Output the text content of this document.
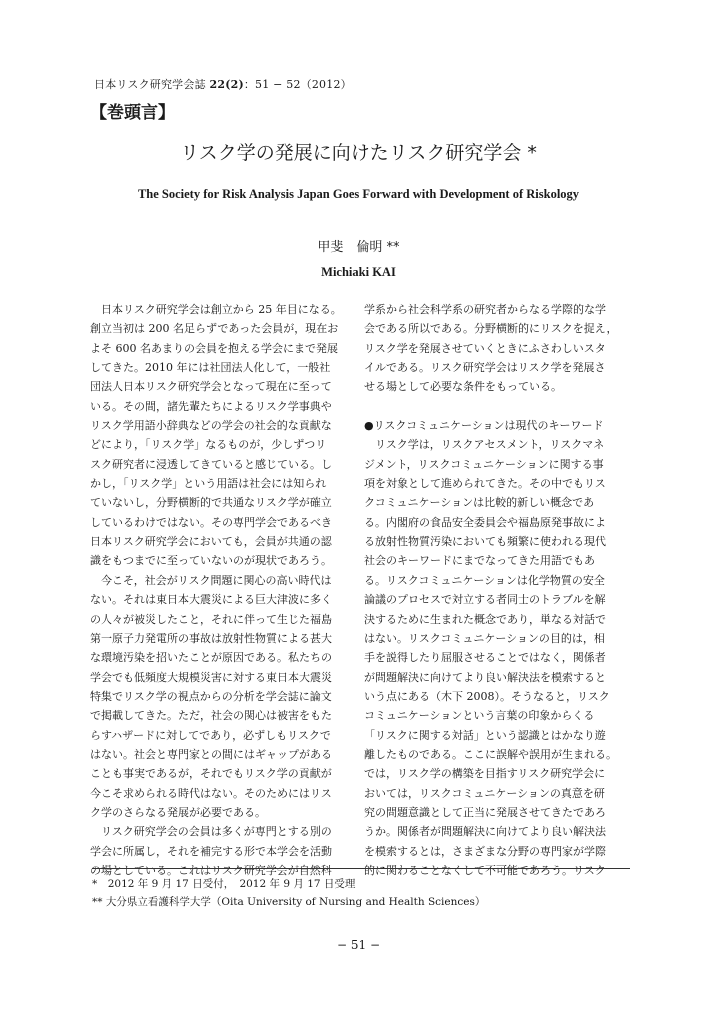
日本リスク研究学会誌 22(2)：51 − 52（2012）
【巻頭言】
リスク学の発展に向けたリスク研究学会 *
The Society for Risk Analysis Japan Goes Forward with Development of Riskology
甲斐　倫明 **
Michiaki KAI
　日本リスク研究学会は創立から 25 年目になる。
創立当初は 200 名足らずであった会員が，現在お
よそ 600 名あまりの会員を抱える学会にまで発展
してきた。2010 年には社団法人化して，一般社
団法人日本リスク研究学会となって現在に至って
いる。その間，諸先輩たちによるリスク学事典や
リスク学用語小辞典などの学会の社会的な貢献な
どにより，「リスク学」なるものが，少しずつリ
スク研究者に浸透してきていると感じている。し
かし，「リスク学」という用語は社会には知られ
ていないし，分野横断的で共通なリスク学が確立
しているわけではない。その専門学会であるべき
日本リスク研究学会においても，会員が共通の認
識をもつまでに至っていないのが現状であろう。
　今こそ，社会がリスク問題に関心の高い時代は
ない。それは東日本大震災による巨大津波に多く
の人々が被災したこと，それに伴って生じた福島
第一原子力発電所の事故は放射性物質による甚大
な環境汚染を招いたことが原因である。私たちの
学会でも低頻度大規模災害に対する東日本大震災
特集でリスク学の視点からの分析を学会誌に論文
で掲載してきた。ただ，社会の関心は被害をもた
らすハザードに対してであり，必ずしもリスクで
はない。社会と専門家との間にはギャップがある
ことも事実であるが，それでもリスク学の貢献が
今こそ求められる時代はない。そのためにはリス
ク学のさらなる発展が必要である。
　リスク研究学会の会員は多くが専門とする別の
学会に所属し，それを補完する形で本学会を活動
の場としている。これはリスク研究学会が自然科
学系から社会科学系の研究者からなる学際的な学
会である所以である。分野横断的にリスクを捉え，
リスク学を発展させていくときにふさわしいスタ
イルである。リスク研究学会はリスク学を発展さ
せる場として必要な条件をもっている。
●リスクコミュニケーションは現代のキーワード
　リスク学は，リスクアセスメント，リスクマネ
ジメント，リスクコミュニケーションに関する事
項を対象として進められてきた。その中でもリス
クコミュニケーションは比較的新しい概念であ
る。内閣府の食品安全委員会や福島原発事故によ
る放射性物質汚染においても頻繁に使われる現代
社会のキーワードにまでなってきた用語でもあ
る。リスクコミュニケーションは化学物質の安全
論議のプロセスで対立する者同士のトラブルを解
決するために生まれた概念であり，単なる対話で
はない。リスクコミュニケーションの目的は，相
手を説得したり屈服させることではなく，関係者
が問題解決に向けてより良い解決法を模索すると
いう点にある（木下 2008）。そうなると，リスク
コミュニケーションという言葉の印象からくる
「リスクに関する対話」という認識とはかなり遊
離したものである。ここに誤解や誤用が生まれる。
では，リスク学の構築を目指すリスク研究学会に
おいては，リスクコミュニケーションの真意を研
究の問題意識として正当に発展させてきたであろ
うか。関係者が問題解決に向けてより良い解決法
を模索するとは，さまざまな分野の専門家が学際
的に関わることなくして不可能であろう。リスク
*　2012 年 9 月 17 日受付，　2012 年 9 月 17 日受理
** 大分県立看護科学大学（Oita University of Nursing and Health Sciences）
− 51 −
